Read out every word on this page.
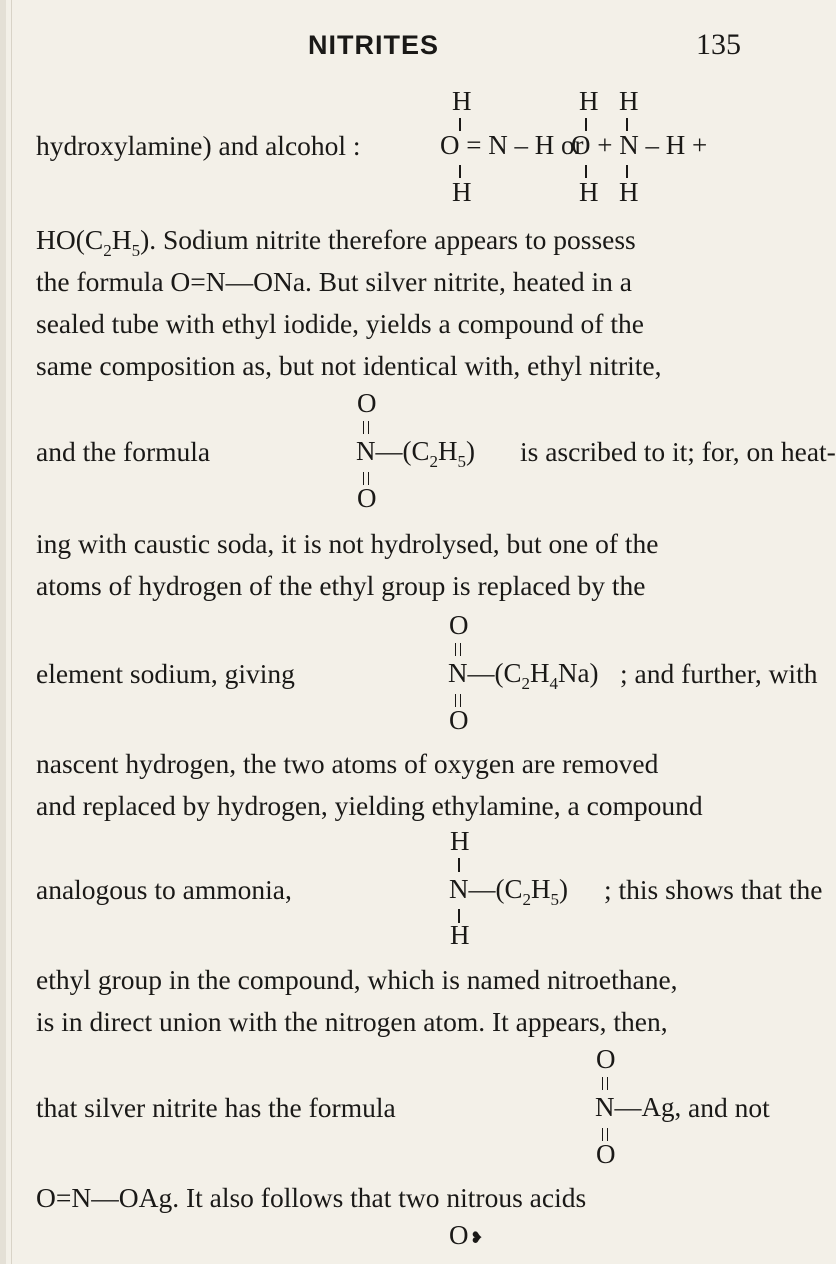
NITRITES	135
H	H H
hydroxylamine) and alcohol :	O = N – H or
O + N – H +
H	H H
$HO(C_2H_5)$. Sodium nitrite therefore appears to possess
the formula O=N—ONa. But silver nitrite, heated in a
sealed tube with ethyl iodide, yields a compound of the
same composition as, but not identical with, ethyl nitrite,
O
and the formula	$N—(C_2H_5)$ is ascribed to it; for, on heat-
O
ing with caustic soda, it is not hydrolysed, but one of the
atoms of hydrogen of the ethyl group is replaced by the
O
element sodium, giving	$N—(C_2H_4Na)$ ; and further, with
O
nascent hydrogen, the two atoms of oxygen are removed
and replaced by hydrogen, yielding ethylamine, a compound
H
analogous to ammonia,	$N—(C_2H_5)$ ; this shows that the
H
ethyl group in the compound, which is named nitroethane,
is in direct union with the nitrogen atom. It appears, then,
O
that silver nitrite has the formula	N—Ag, and not
O
O=N—OAg. It also follows that two nitrous acids
O ❥
